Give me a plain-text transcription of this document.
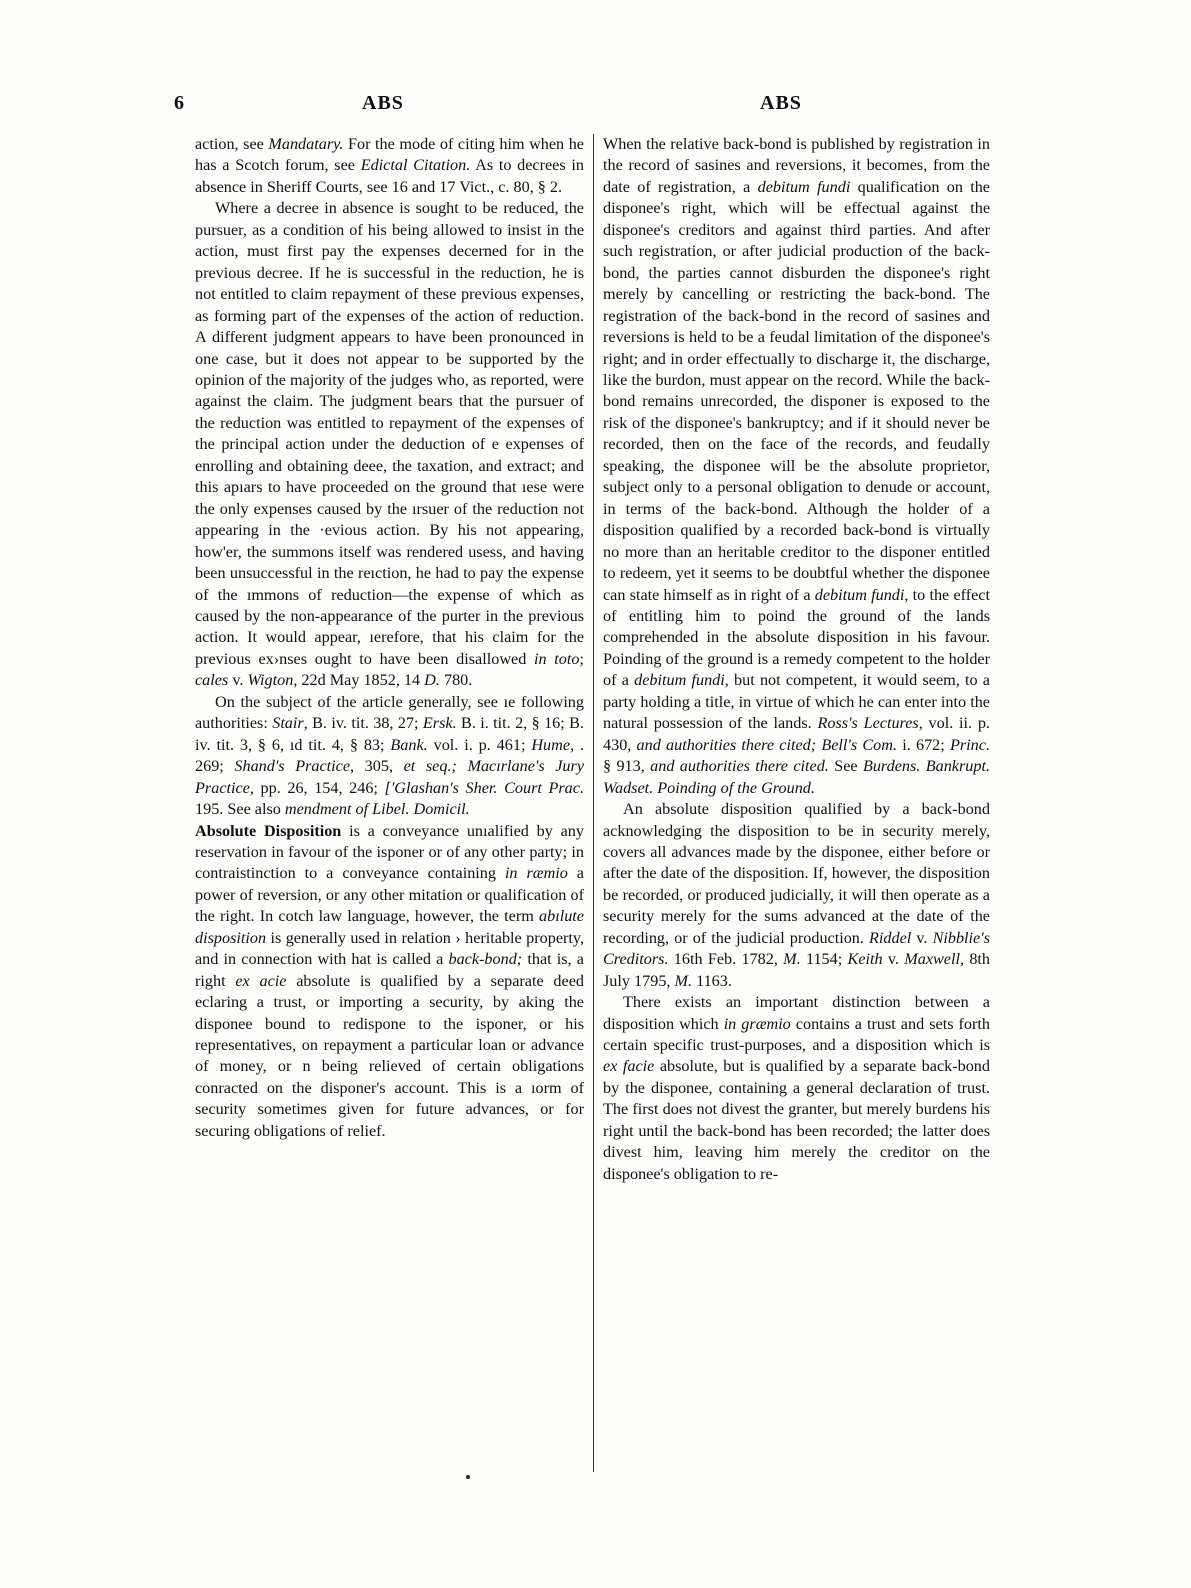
6	ABS	ABS

action, see Mandatary. For the mode of citing him when he has a Scotch forum, see Edictal Citation. As to decrees in absence in Sheriff Courts, see 16 and 17 Vict., c. 80, § 2.

Where a decree in absence is sought to be reduced, the pursuer, as a condition of his being allowed to insist in the action, must first pay the expenses decerned for in the previous decree. If he is successful in the reduction, he is not entitled to claim repayment of these previous expenses, as forming part of the expenses of the action of reduction. A different judgment appears to have been pronounced in one case, but it does not appear to be supported by the opinion of the majority of the judges who, as reported, were against the claim. The judgment bears that the pursuer of the reduction was entitled to repayment of the expenses of the principal action under the deduction of e expenses of enrolling and obtaining deee, the taxation, and extract; and this apıars to have proceeded on the ground that ıese were the only expenses caused by the ırsuer of the reduction not appearing in the ·evious action. By his not appearing, how'er, the summons itself was rendered usess, and having been unsuccessful in the reıction, he had to pay the expense of the ımmons of reduction—the expense of which as caused by the non-appearance of the purter in the previous action. It would appear, ıerefore, that his claim for the previous ex›nses ought to have been disallowed in toto; cales v. Wigton, 22d May 1852, 14 D. 780.

On the subject of the article generally, see ıe following authorities: Stair, B. iv. tit. 38, 27; Ersk. B. i. tit. 2, § 16; B. iv. tit. 3, § 6, ıd tit. 4, § 83; Bank. vol. i. p. 461; Hume, . 269; Shand's Practice, 305, et seq.; Macırlane's Jury Practice, pp. 26, 154, 246; ['Glashan's Sher. Court Prac. 195. See also mendment of Libel. Domicil.

Absolute Disposition is a conveyance unıalified by any reservation in favour of the isponer or of any other party; in contraistinction to a conveyance containing in ræmio a power of reversion, or any other mitation or qualification of the right. In cotch law language, however, the term abılute disposition is generally used in relation › heritable property, and in connection with hat is called a back-bond; that is, a right ex acie absolute is qualified by a separate deed eclaring a trust, or importing a security, by aking the disponee bound to redispone to the isponer, or his representatives, on repayment a particular loan or advance of money, or n being relieved of certain obligations conracted on the disponer's account. This is a ıorm of security sometimes given for future advances, or for securing obligations of relief.

When the relative back-bond is published by registration in the record of sasines and reversions, it becomes, from the date of registration, a debitum fundi qualification on the disponee's right, which will be effectual against the disponee's creditors and against third parties. And after such registration, or after judicial production of the back-bond, the parties cannot disburden the disponee's right merely by cancelling or restricting the back-bond. The registration of the back-bond in the record of sasines and reversions is held to be a feudal limitation of the disponee's right; and in order effectually to discharge it, the discharge, like the burdon, must appear on the record. While the back-bond remains unrecorded, the disponer is exposed to the risk of the disponee's bankruptcy; and if it should never be recorded, then on the face of the records, and feudally speaking, the disponee will be the absolute proprietor, subject only to a personal obligation to denude or account, in terms of the back-bond. Although the holder of a disposition qualified by a recorded back-bond is virtually no more than an heritable creditor to the disponer entitled to redeem, yet it seems to be doubtful whether the disponee can state himself as in right of a debitum fundi, to the effect of entitling him to poind the ground of the lands comprehended in the absolute disposition in his favour. Poinding of the ground is a remedy competent to the holder of a debitum fundi, but not competent, it would seem, to a party holding a title, in virtue of which he can enter into the natural possession of the lands. Ross's Lectures, vol. ii. p. 430, and authorities there cited; Bell's Com. i. 672; Princ. § 913, and authorities there cited. See Burdens. Bankrupt. Wadset. Poinding of the Ground.

An absolute disposition qualified by a back-bond acknowledging the disposition to be in security merely, covers all advances made by the disponee, either before or after the date of the disposition. If, however, the disposition be recorded, or produced judicially, it will then operate as a security merely for the sums advanced at the date of the recording, or of the judicial production. Riddel v. Nibblie's Creditors. 16th Feb. 1782, M. 1154; Keith v. Maxwell, 8th July 1795, M. 1163.

There exists an important distinction between a disposition which in græmio contains a trust and sets forth certain specific trust-purposes, and a disposition which is ex facie absolute, but is qualified by a separate back-bond by the disponee, containing a general declaration of trust. The first does not divest the granter, but merely burdens his right until the back-bond has been recorded; the latter does divest him, leaving him merely the creditor on the disponee's obligation to re-
